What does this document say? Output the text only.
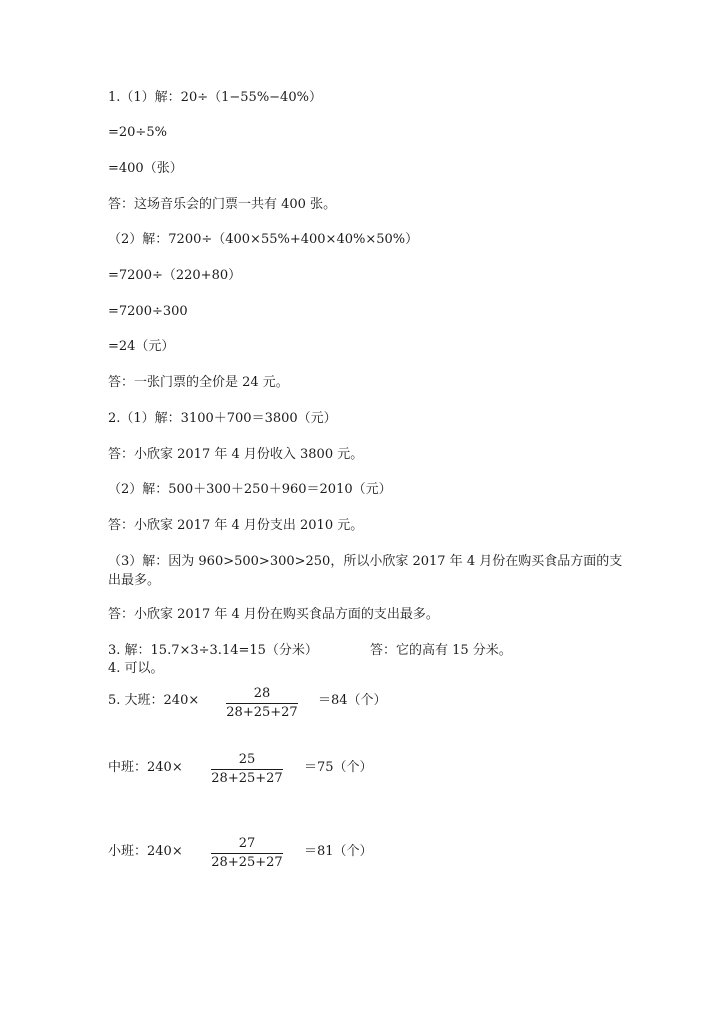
1.（1）解：20÷（1−55%−40%）
=20÷5%
=400（张）
答：这场音乐会的门票一共有 400 张。
（2）解：7200÷（400×55%+400×40%×50%）
=7200÷（220+80）
=7200÷300
=24（元）
答：一张门票的全价是 24 元。
2.（1）解：3100＋700＝3800（元）
答：小欣家 2017 年 4 月份收入 3800 元。
（2）解：500＋300＋250＋960＝2010（元）
答：小欣家 2017 年 4 月份支出 2010 元。
（3）解：因为 960>500>300>250，所以小欣家 2017 年 4 月份在购买食品方面的支出最多。
答：小欣家 2017 年 4 月份在购买食品方面的支出最多。
3. 解：15.7×3÷3.14=15（分米）	答：它的高有 15 分米。
4. 可以。
5. 大班：$240\times \frac{28}{28+25+27} =84$（个）
中班：$240\times \frac{25}{28+25+27} =75$（个）
小班：$240\times \frac{27}{28+25+27} =81$（个）
